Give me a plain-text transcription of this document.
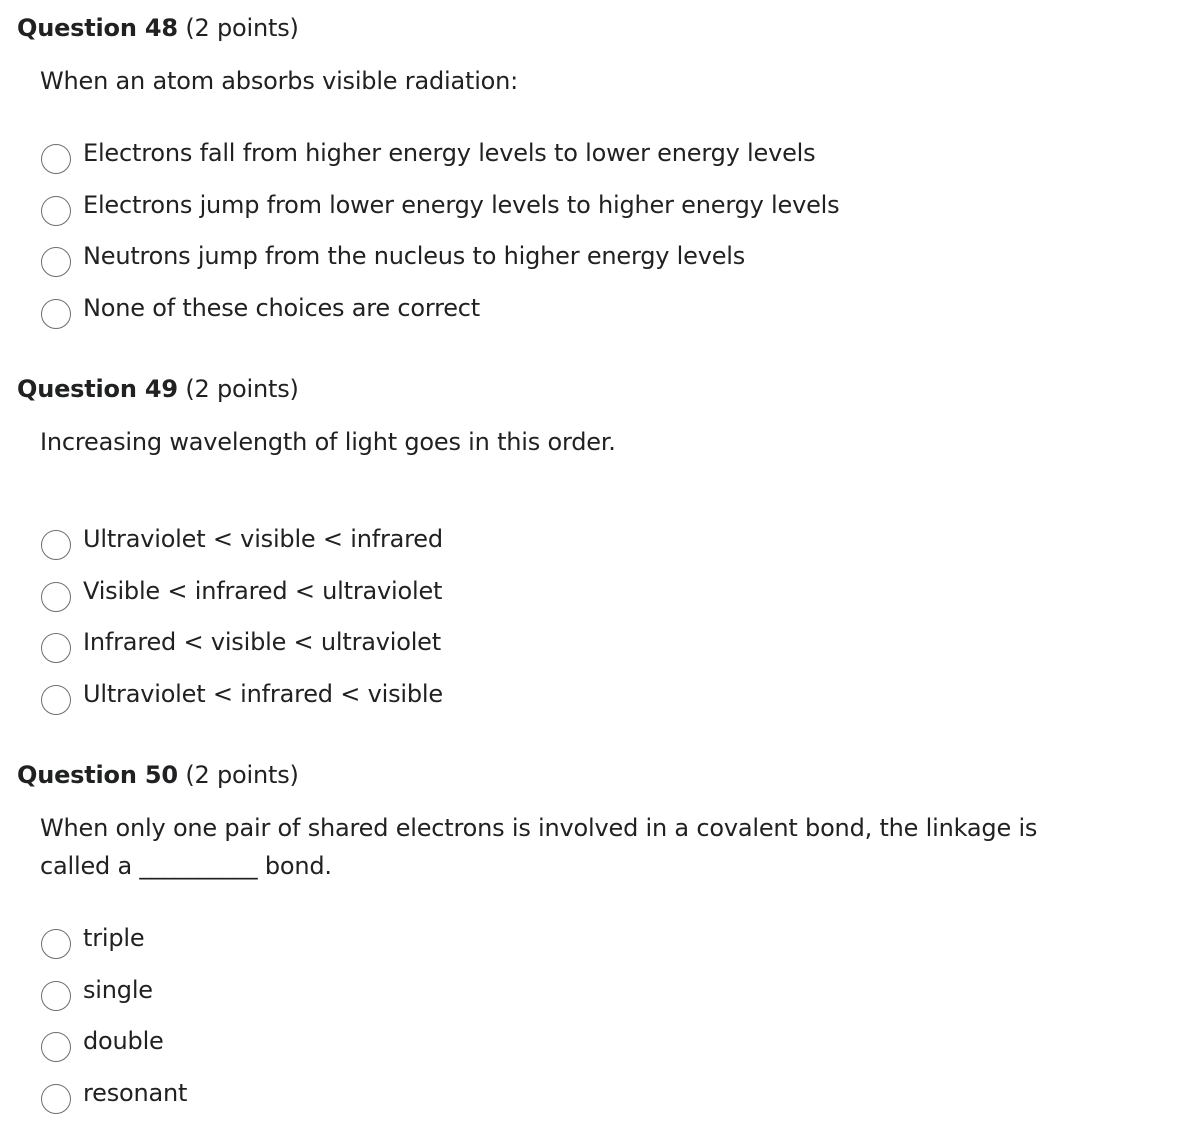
Question 48 (2 points)

When an atom absorbs visible radiation:

Electrons fall from higher energy levels to lower energy levels
Electrons jump from lower energy levels to higher energy levels
Neutrons jump from the nucleus to higher energy levels
None of these choices are correct
Question 49 (2 points)

Increasing wavelength of light goes in this order.

Ultraviolet < visible < infrared
Visible < infrared < ultraviolet
Infrared < visible < ultraviolet
Ultraviolet < infrared < visible
Question 50 (2 points)

When only one pair of shared electrons is involved in a covalent bond, the linkage is called a __________ bond.

triple
single
double
resonant
